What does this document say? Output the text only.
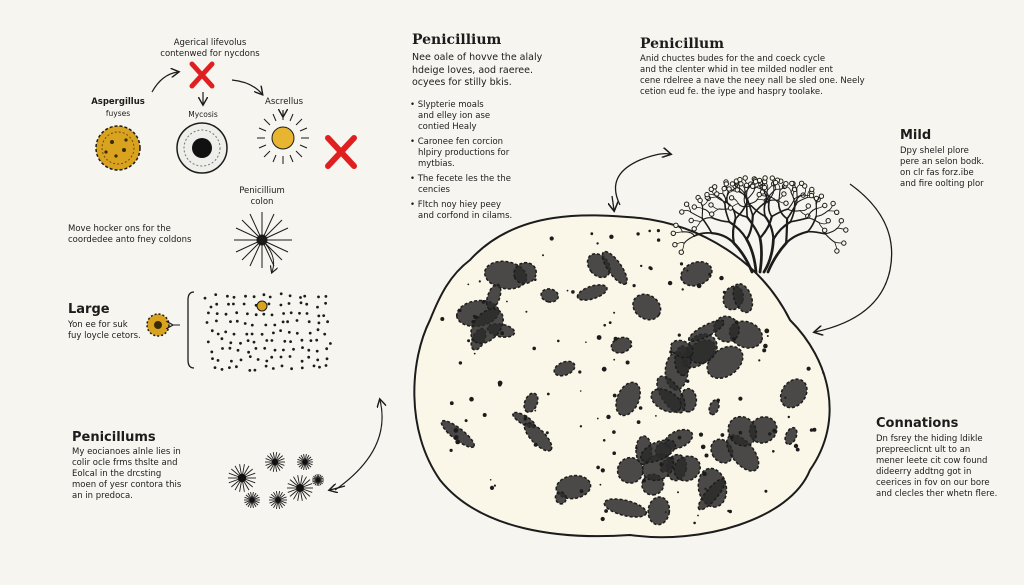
Agerical lifevolus
contenwed for nycdons
Aspergillus
fuyses	Mycosis
Ascrellus
Penicillium
colon
Move hocker ons for the
coordedee anto fney coldons
Large
Yon ee for suk
fuy loycle cetors.
Penicillums
My eocianoes alnle lies in
colir ocle frms thslte and
Eolcal in the drcsting
moen of yesr contora this
an in predoca.
Penicillium
Nee oale of hovve the alaly
hdeige loves, aod raeree.
ocyees for stilly bkis.
• Slypterie moals
and elley ion ase
contied Healy
• Caronee fen corcion
hlpiry productions for
mytbias.
• The fecete les the the
cencies
• Fltch noy hiey peey
and corfond in cilams.
Penicillum
Anid chuctes budes for the and coeck cycle
and the clenter whid in tee milded nodler ent
cene rdelree a nave the neey nall be sled one. Neely
cetion eud fe. the iype and haspry toolake.
Mild
Dpy shelel plore
pere an selon bodk.
on clr fas forz.ibe
and fire oolting plor
Connations
Dn fsrey the hiding ldikle
prepreeclicnt ult to an
mener leete cit cow found
dideerry addtng got in
ceerices in fov on our bore
and clecles ther whetn flere.
